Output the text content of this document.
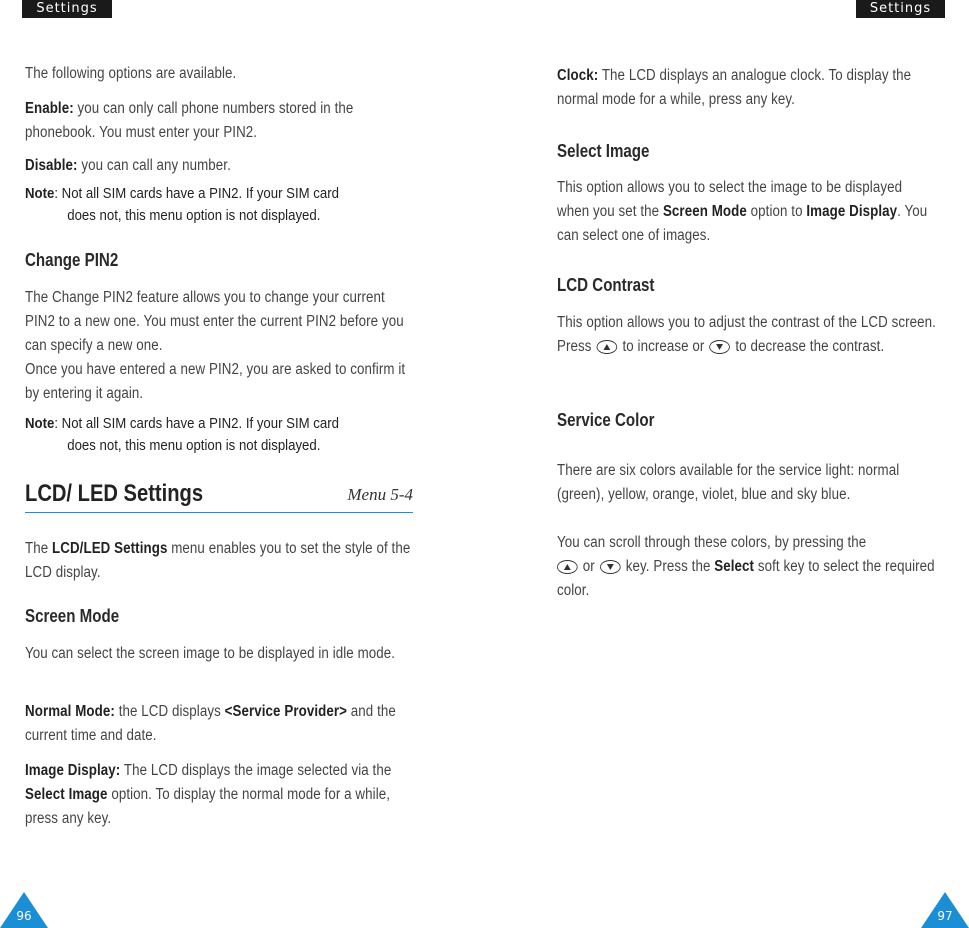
Settings	Settings

The following options are available.

Enable: you can only call phone numbers stored in the phonebook. You must enter your PIN2.

Disable: you can call any number.

Note: Not all SIM cards have a PIN2. If your SIM card
does not, this menu option is not displayed.
Change PIN2

The Change PIN2 feature allows you to change your current PIN2 to a new one. You must enter the current PIN2 before you can specify a new one.

Once you have entered a new PIN2, you are asked to confirm it by entering it again.

Note: Not all SIM cards have a PIN2. If your SIM card
does not, this menu option is not displayed.
LCD/ LED Settings	Menu 5-4

The LCD/LED Settings menu enables you to set the style of the LCD display.

Screen Mode

You can select the screen image to be displayed in idle mode.

Normal Mode: the LCD displays <Service Provider> and the current time and date.

Image Display: The LCD displays the image selected via the Select Image option. To display the normal mode for a while, press any key.

Clock: The LCD displays an analogue clock. To display the normal mode for a while, press any key.

Select Image

This option allows you to select the image to be displayed when you set the Screen Mode option to Image Display. You can select one of images.

LCD Contrast

This option allows you to adjust the contrast of the LCD screen. Press to increase or to decrease the contrast.

Service Color

There are six colors available for the service light: normal (green), yellow, orange, violet, blue and sky blue.

You can scroll through these colors, by pressing the
or key. Press the Select soft key to select the required color.

96	97
